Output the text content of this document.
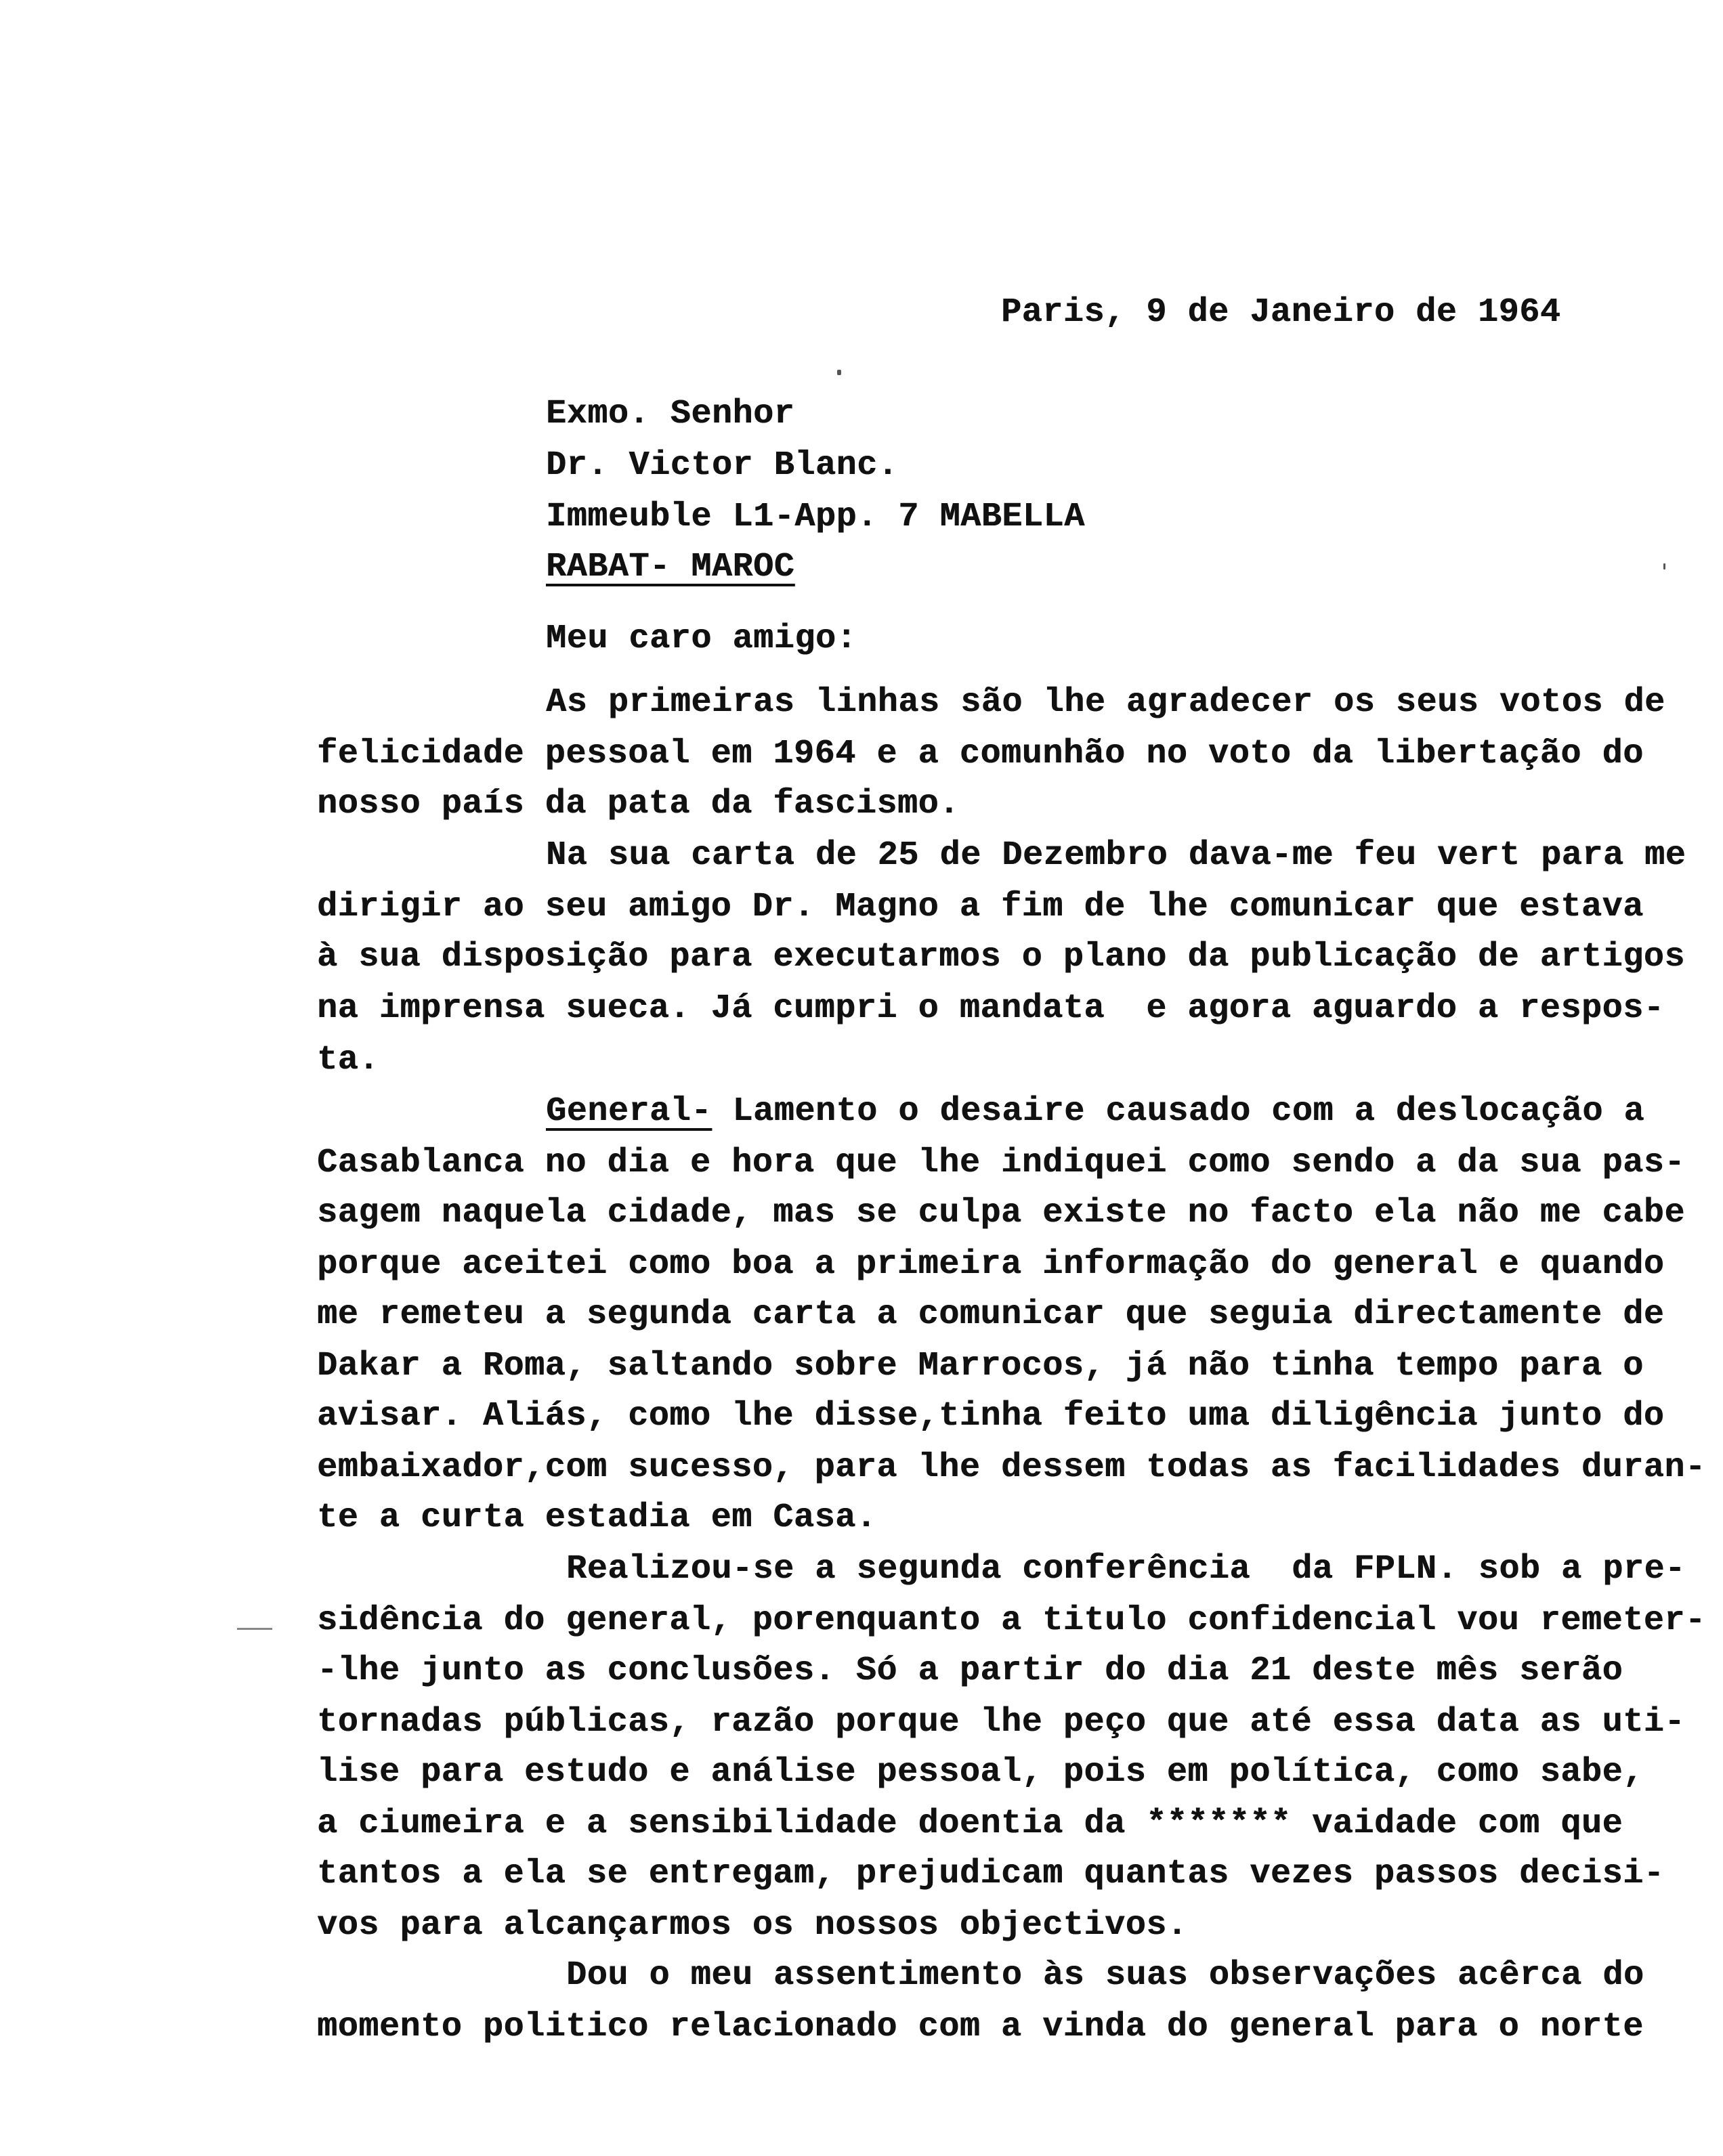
Paris, 9 de Janeiro de 1964
Exmo. Senhor
Dr. Victor Blanc.
Immeuble L1-App. 7 MABELLA
RABAT- MAROC
Meu caro amigo:
As primeiras linhas são lhe agradecer os seus votos de
felicidade pessoal em 1964 e a comunhão no voto da libertação do
nosso país da pata da fascismo.
Na sua carta de 25 de Dezembro dava-me feu vert para me
dirigir ao seu amigo Dr. Magno a fim de lhe comunicar que estava
à sua disposição para executarmos o plano da publicação de artigos
na imprensa sueca. Já cumpri o mandata  e agora aguardo a respos-
ta.
General- Lamento o desaire causado com a deslocação a
Casablanca no dia e hora que lhe indiquei como sendo a da sua pas-
sagem naquela cidade, mas se culpa existe no facto ela não me cabe
porque aceitei como boa a primeira informação do general e quando
me remeteu a segunda carta a comunicar que seguia directamente de
Dakar a Roma, saltando sobre Marrocos, já não tinha tempo para o
avisar. Aliás, como lhe disse,tinha feito uma diligência junto do
embaixador,com sucesso, para lhe dessem todas as facilidades duran-
te a curta estadia em Casa.
Realizou-se a segunda conferência  da FPLN. sob a pre-
sidência do general, porenquanto a titulo confidencial vou remeter-
-lhe junto as conclusões. Só a partir do dia 21 deste mês serão
tornadas públicas, razão porque lhe peço que até essa data as uti-
lise para estudo e análise pessoal, pois em política, como sabe,
a ciumeira e a sensibilidade doentia da ******* vaidade com que
tantos a ela se entregam, prejudicam quantas vezes passos decisi-
vos para alcançarmos os nossos objectivos.
Dou o meu assentimento às suas observações acêrca do
momento politico relacionado com a vinda do general para o norte
